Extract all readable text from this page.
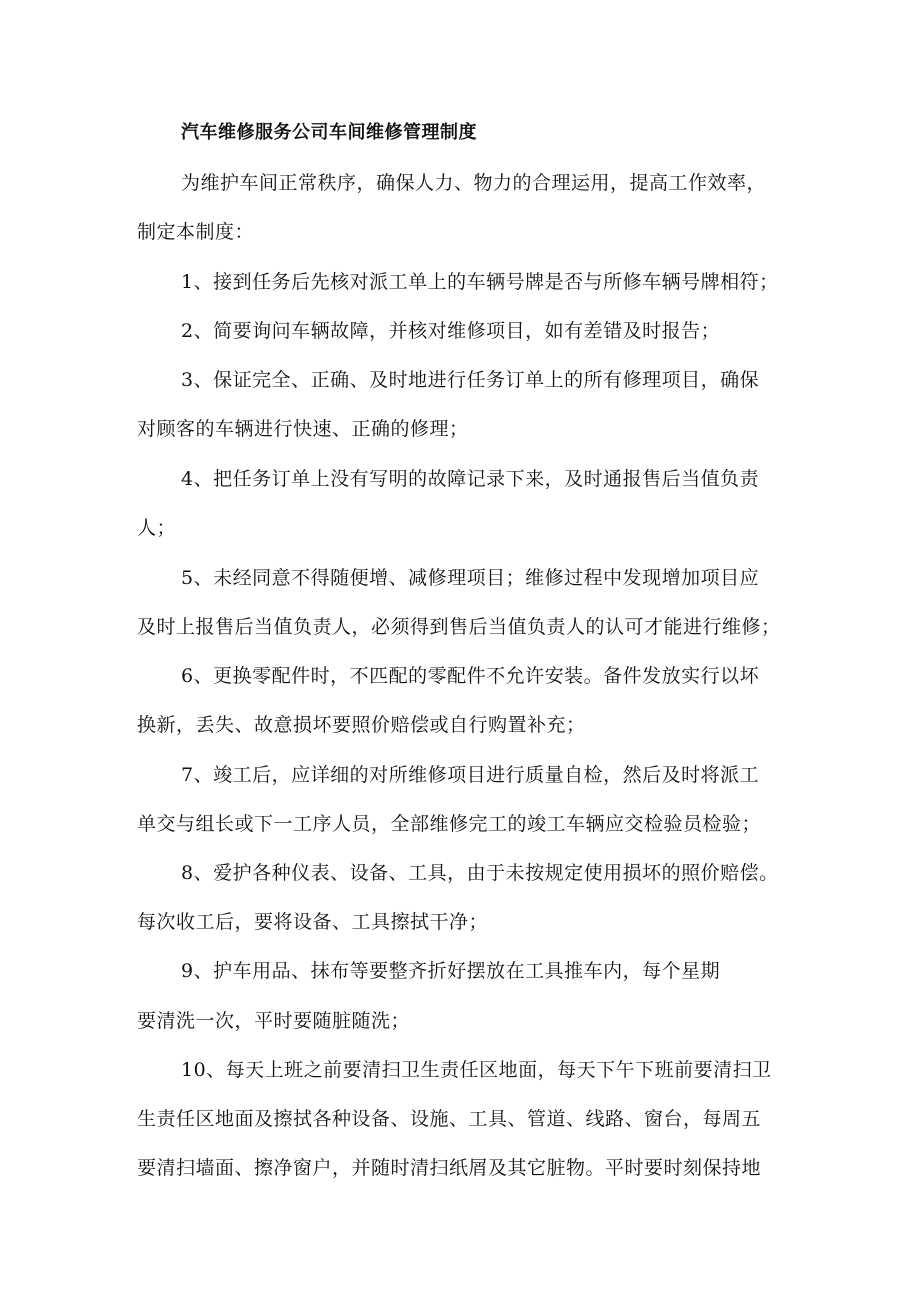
汽车维修服务公司车间维修管理制度
为维护车间正常秩序，确保人力、物力的合理运用，提高工作效率，
制定本制度：
1、接到任务后先核对派工单上的车辆号牌是否与所修车辆号牌相符；
2、简要询问车辆故障，并核对维修项目，如有差错及时报告；
3、保证完全、正确、及时地进行任务订单上的所有修理项目，确保
对顾客的车辆进行快速、正确的修理；
4、把任务订单上没有写明的故障记录下来，及时通报售后当值负责
人；
5、未经同意不得随便增、减修理项目；维修过程中发现增加项目应
及时上报售后当值负责人，必须得到售后当值负责人的认可才能进行维修；
6、更换零配件时，不匹配的零配件不允许安装。备件发放实行以坏
换新，丢失、故意损坏要照价赔偿或自行购置补充；
7、竣工后，应详细的对所维修项目进行质量自检，然后及时将派工
单交与组长或下一工序人员，全部维修完工的竣工车辆应交检验员检验；
8、爱护各种仪表、设备、工具，由于未按规定使用损坏的照价赔偿。
每次收工后，要将设备、工具擦拭干净；
9、护车用品、抹布等要整齐折好摆放在工具推车内，每个星期
要清洗一次，平时要随脏随洗；
10、每天上班之前要清扫卫生责任区地面，每天下午下班前要清扫卫
生责任区地面及擦拭各种设备、设施、工具、管道、线路、窗台，每周五
要清扫墙面、擦净窗户，并随时清扫纸屑及其它脏物。平时要时刻保持地
